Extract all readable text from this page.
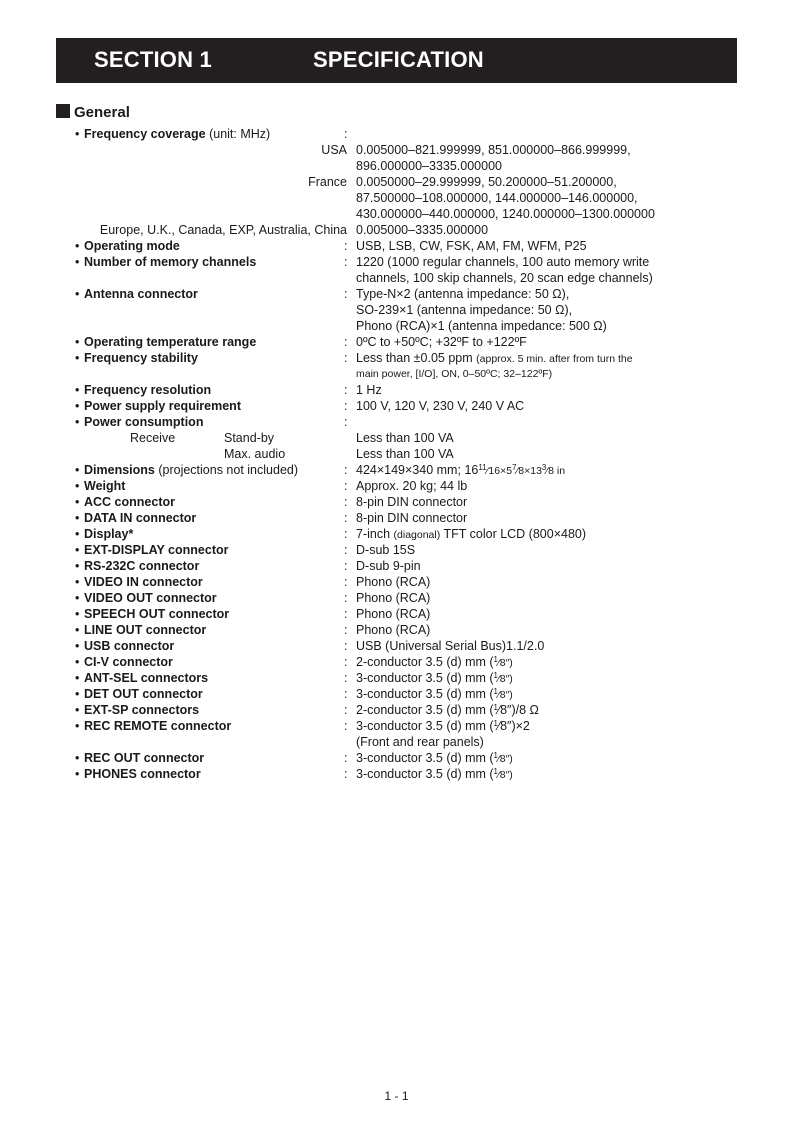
SECTION 1	SPECIFICATION
General
• Frequency coverage (unit: MHz)	:
USA 0.005000–821.999999, 851.000000–866.999999,
896.000000–3335.000000
France 0.0050000–29.999999, 50.200000–51.200000,
87.500000–108.000000, 144.000000–146.000000,
430.000000–440.000000, 1240.000000–1300.000000
Europe, U.K., Canada, EXP, Australia, China 0.005000–3335.000000
• Operating mode	: USB, LSB, CW, FSK, AM, FM, WFM, P25
• Number of memory channels	: 1220 (1000 regular channels, 100 auto memory write
channels, 100 skip channels, 20 scan edge channels)
• Antenna connector	: Type-N×2 (antenna impedance: 50 Ω),
SO-239×1 (antenna impedance: 50 Ω),
Phono (RCA)×1 (antenna impedance: 500 Ω)
• Operating temperature range	: 0ºC to +50ºC; +32ºF to +122ºF
• Frequency stability	: Less than ±0.05 ppm (approx. 5 min. after from turn the
main power, [I/O], ON, 0–50ºC; 32–122ºF)
• Frequency resolution	: 1 Hz
• Power supply requirement	: 100 V, 120 V, 230 V, 240 V AC
• Power consumption	:
Receive	Stand-by	Less than 100 VA
Max. audio	Less than 100 VA
• Dimensions (projections not included)	: 424×149×340 mm; $16^{11}⁄16\times 5^7⁄8\times 13^3⁄8$ in
• Weight	: Approx. 20 kg; 44 lb
• ACC connector	: 8-pin DIN connector
• DATA IN connector	: 8-pin DIN connector
• Display*	: 7-inch (diagonal) TFT color LCD (800×480)
• EXT-DISPLAY connector	: D-sub 15S
• RS-232C connector	: D-sub 9-pin
• VIDEO IN connector	: Phono (RCA)
• VIDEO OUT connector	: Phono (RCA)
• SPEECH OUT connector	: Phono (RCA)
• LINE OUT connector	: Phono (RCA)
• USB connector	: USB (Universal Serial Bus)1.1/2.0
• CI-V connector	: 2-conductor 3.5 (d) mm ($^1$⁄8″)
• ANT-SEL connectors	: 3-conductor 3.5 (d) mm ($^1$⁄8″)
• DET OUT connector	: 3-conductor 3.5 (d) mm ($^1$⁄8″)
• EXT-SP connectors	: 2-conductor 3.5 (d) mm ($^1$⁄8″)/8 Ω
• REC REMOTE connector	: 3-conductor 3.5 (d) mm ($^1$⁄8″)×2
(Front and rear panels)
• REC OUT connector	: 3-conductor 3.5 (d) mm ($^1$⁄8″)
• PHONES connector	: 3-conductor 3.5 (d) mm ($^1$⁄8″)
1 - 1
